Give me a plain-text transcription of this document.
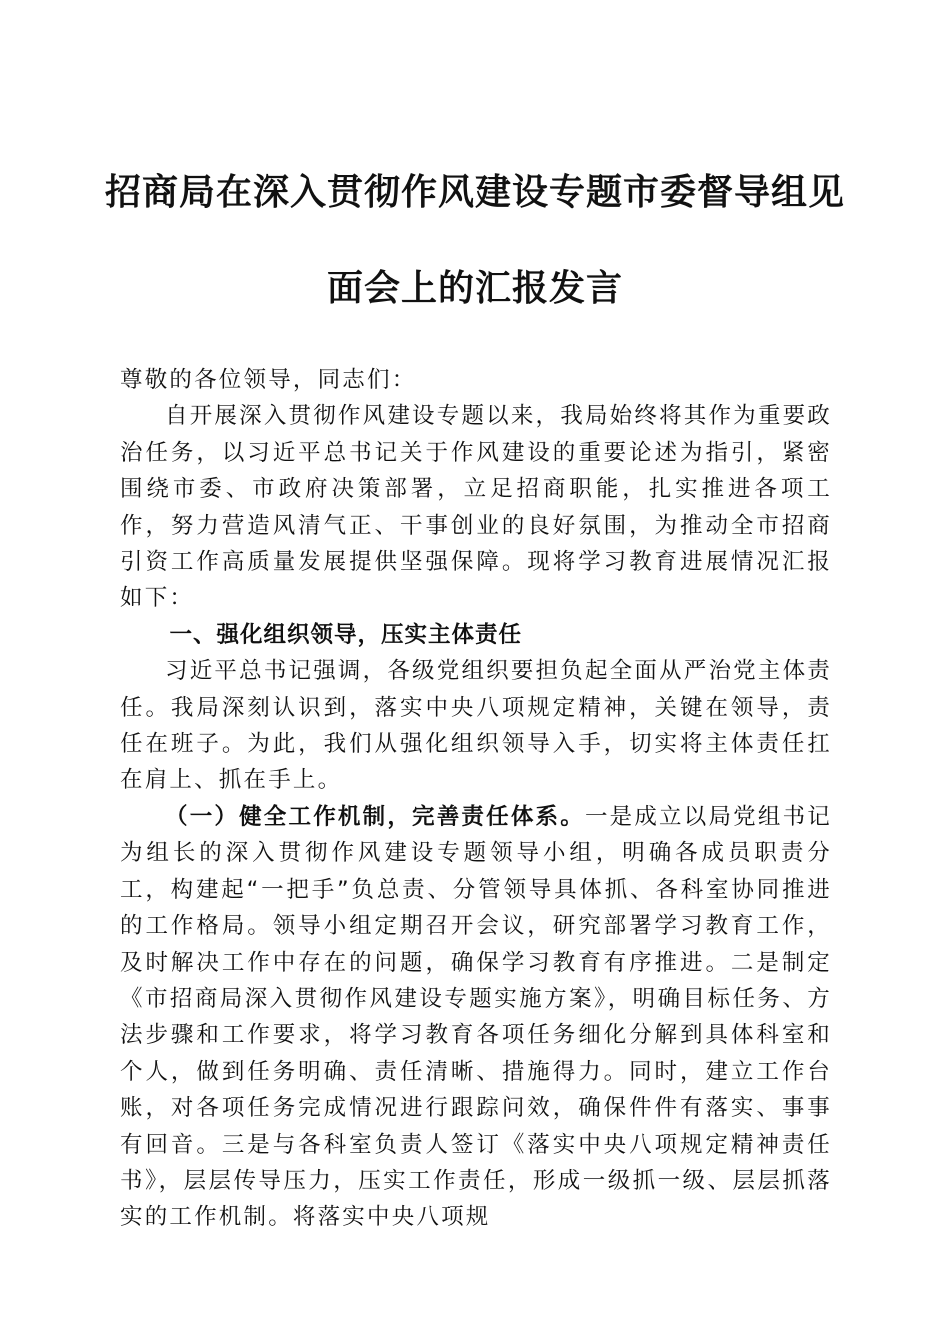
招商局在深入贯彻作风建设专题市委督导组见
面会上的汇报发言

尊敬的各位领导，同志们：

自开展深入贯彻作风建设专题以来，我局始终将其作为重要政治任务，以习近平总书记关于作风建设的重要论述为指引，紧密围绕市委、市政府决策部署，立足招商职能，扎实推进各项工作，努力营造风清气正、干事创业的良好氛围，为推动全市招商引资工作高质量发展提供坚强保障。现将学习教育进展情况汇报如下：

一、强化组织领导，压实主体责任

习近平总书记强调，各级党组织要担负起全面从严治党主体责任。我局深刻认识到，落实中央八项规定精神，关键在领导，责任在班子。为此，我们从强化组织领导入手，切实将主体责任扛在肩上、抓在手上。

（一）健全工作机制，完善责任体系。一是成立以局党组书记为组长的深入贯彻作风建设专题领导小组，明确各成员职责分工，构建起“一把手”负总责、分管领导具体抓、各科室协同推进的工作格局。领导小组定期召开会议，研究部署学习教育工作，及时解决工作中存在的问题，确保学习教育有序推进。二是制定《市招商局深入贯彻作风建设专题实施方案》，明确目标任务、方法步骤和工作要求，将学习教育各项任务细化分解到具体科室和个人，做到任务明确、责任清晰、措施得力。同时，建立工作台账，对各项任务完成情况进行跟踪问效，确保件件有落实、事事有回音。三是与各科室负责人签订《落实中央八项规定精神责任书》，层层传导压力，压实工作责任，形成一级抓一级、层层抓落实的工作机制。将落实中央八项规
